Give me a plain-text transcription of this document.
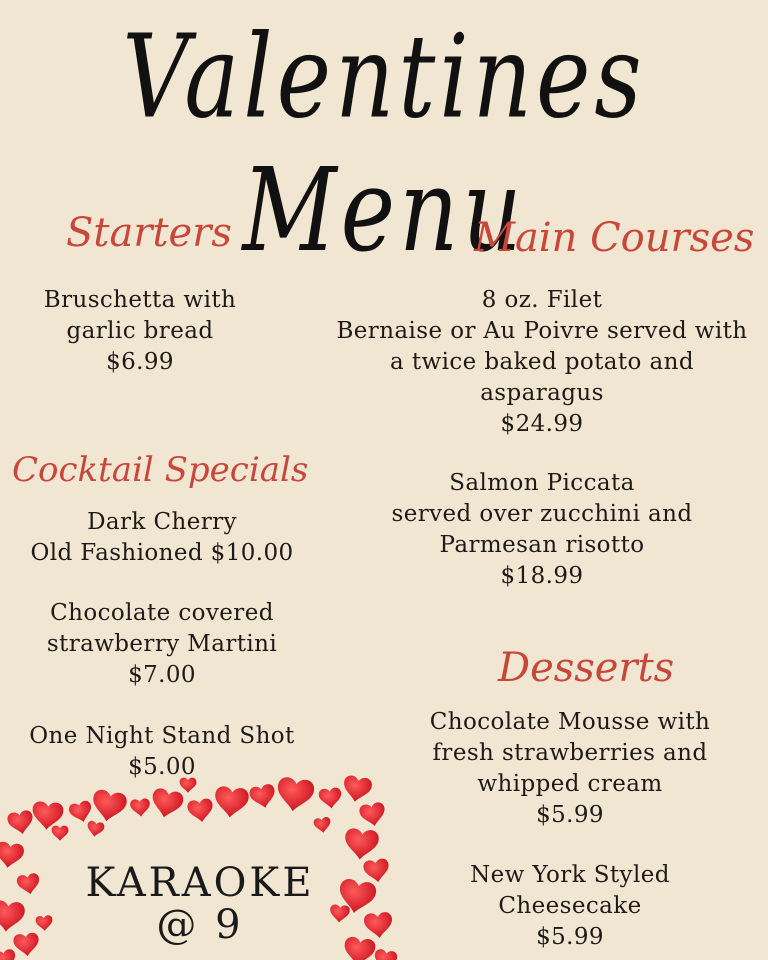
Valentines Menu
Starters
Bruschetta with
garlic bread
$6.99
Cocktail Specials
Dark Cherry
Old Fashioned $10.00
Chocolate covered
strawberry Martini
$7.00
One Night Stand Shot
$5.00
Main Courses
8 oz. Filet
Bernaise or Au Poivre served with
a twice baked potato and
asparagus
$24.99
Salmon Piccata
served over zucchini and
Parmesan risotto
$18.99
Desserts
Chocolate Mousse with
fresh strawberries and
whipped cream
$5.99
New York Styled
Cheesecake
$5.99
KARAOKE
@ 9
